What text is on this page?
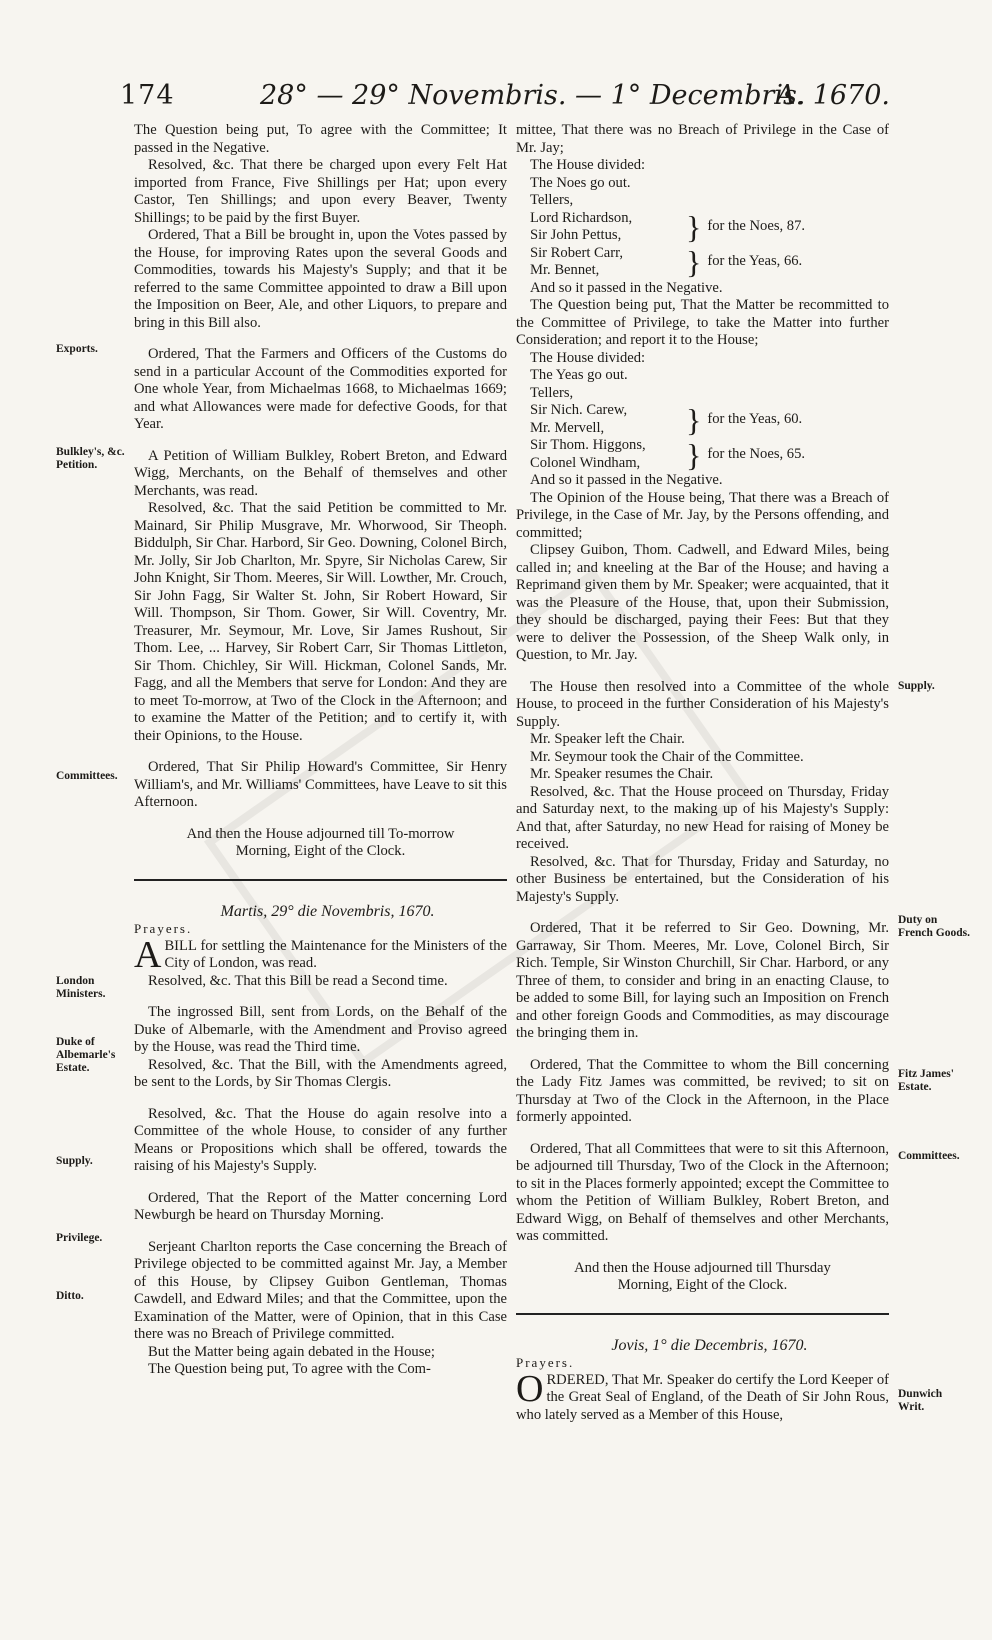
174	28° — 29° Novembris. — 1° Decembris.
A. 1670.
Exports.
Bulkley's, &c. Petition.
Committees.
London Ministers.
Duke of Albemarle's Estate.
Supply.
Privilege.
Ditto.
Supply.
Duty on French Goods.
Fitz James' Estate.
Committees.
Dunwich Writ.

The Question being put, To agree with the Committee; It passed in the Negative.

Resolved, &c. That there be charged upon every Felt Hat imported from France, Five Shillings per Hat; upon every Castor, Ten Shillings; and upon every Beaver, Twenty Shillings; to be paid by the first Buyer.

Ordered, That a Bill be brought in, upon the Votes passed by the House, for improving Rates upon the several Goods and Commodities, towards his Majesty's Supply; and that it be referred to the same Committee appointed to draw a Bill upon the Imposition on Beer, Ale, and other Liquors, to prepare and bring in this Bill also.

Ordered, That the Farmers and Officers of the Customs do send in a particular Account of the Commodities exported for One whole Year, from Michaelmas 1668, to Michaelmas 1669; and what Allowances were made for defective Goods, for that Year.

A Petition of William Bulkley, Robert Breton, and Edward Wigg, Merchants, on the Behalf of themselves and other Merchants, was read.

Resolved, &c. That the said Petition be committed to Mr. Mainard, Sir Philip Musgrave, Mr. Whorwood, Sir Theoph. Biddulph, Sir Char. Harbord, Sir Geo. Downing, Colonel Birch, Mr. Jolly, Sir Job Charlton, Mr. Spyre, Sir Nicholas Carew, Sir John Knight, Sir Thom. Meeres, Sir Will. Lowther, Mr. Crouch, Sir John Fagg, Sir Walter St. John, Sir Robert Howard, Sir Will. Thompson, Sir Thom. Gower, Sir Will. Coventry, Mr. Treasurer, Mr. Seymour, Mr. Love, Sir James Rushout, Sir Thom. Lee, ... Harvey, Sir Robert Carr, Sir Thomas Littleton, Sir Thom. Chichley, Sir Will. Hickman, Colonel Sands, Mr. Fagg, and all the Members that serve for London: And they are to meet To-morrow, at Two of the Clock in the Afternoon; and to examine the Matter of the Petition; and to certify it, with their Opinions, to the House.

Ordered, That Sir Philip Howard's Committee, Sir Henry William's, and Mr. Williams' Committees, have Leave to sit this Afternoon.

And then the House adjourned till To-morrow Morning, Eight of the Clock.

Martis, 29° die Novembris, 1670.

Prayers.

ABILL for settling the Maintenance for the Ministers of the City of London, was read.

Resolved, &c. That this Bill be read a Second time.

The ingrossed Bill, sent from Lords, on the Behalf of the Duke of Albemarle, with the Amendment and Proviso agreed by the House, was read the Third time.

Resolved, &c. That the Bill, with the Amendments agreed, be sent to the Lords, by Sir Thomas Clergis.

Resolved, &c. That the House do again resolve into a Committee of the whole House, to consider of any further Means or Propositions which shall be offered, towards the raising of his Majesty's Supply.

Ordered, That the Report of the Matter concerning Lord Newburgh be heard on Thursday Morning.

Serjeant Charlton reports the Case concerning the Breach of Privilege objected to be committed against Mr. Jay, a Member of this House, by Clipsey Guibon Gentleman, Thomas Cawdell, and Edward Miles; and that the Committee, upon the Examination of the Matter, were of Opinion, that in this Case there was no Breach of Privilege committed.

But the Matter being again debated in the House;

The Question being put, To agree with the Com-

mittee, That there was no Breach of Privilege in the Case of Mr. Jay;

The House divided:

The Noes go out.

Tellers,

Lord Richardson,
Sir John Pettus,	} for the Noes, 87.
Sir Robert Carr,
Mr. Bennet,	} for the Yeas, 66.

And so it passed in the Negative.

The Question being put, That the Matter be recommitted to the Committee of Privilege, to take the Matter into further Consideration; and report it to the House;

The House divided:

The Yeas go out.

Tellers,

Sir Nich. Carew,
Mr. Mervell,	} for the Yeas, 60.
Sir Thom. Higgons,
Colonel Windham,	} for the Noes, 65.

And so it passed in the Negative.

The Opinion of the House being, That there was a Breach of Privilege, in the Case of Mr. Jay, by the Persons offending, and committed;

Clipsey Guibon, Thom. Cadwell, and Edward Miles, being called in; and kneeling at the Bar of the House; and having a Reprimand given them by Mr. Speaker; were acquainted, that it was the Pleasure of the House, that, upon their Submission, they should be discharged, paying their Fees: But that they were to deliver the Possession, of the Sheep Walk only, in Question, to Mr. Jay.

The House then resolved into a Committee of the whole House, to proceed in the further Consideration of his Majesty's Supply.

Mr. Speaker left the Chair.

Mr. Seymour took the Chair of the Committee.

Mr. Speaker resumes the Chair.

Resolved, &c. That the House proceed on Thursday, Friday and Saturday next, to the making up of his Majesty's Supply: And that, after Saturday, no new Head for raising of Money be received.

Resolved, &c. That for Thursday, Friday and Saturday, no other Business be entertained, but the Consideration of his Majesty's Supply.

Ordered, That it be referred to Sir Geo. Downing, Mr. Garraway, Sir Thom. Meeres, Mr. Love, Colonel Birch, Sir Rich. Temple, Sir Winston Churchill, Sir Char. Harbord, or any Three of them, to consider and bring in an enacting Clause, to be added to some Bill, for laying such an Imposition on French and other foreign Goods and Commodities, as may discourage the bringing them in.

Ordered, That the Committee to whom the Bill concerning the Lady Fitz James was committed, be revived; to sit on Thursday at Two of the Clock in the Afternoon, in the Place formerly appointed.

Ordered, That all Committees that were to sit this Afternoon, be adjourned till Thursday, Two of the Clock in the Afternoon; to sit in the Places formerly appointed; except the Committee to whom the Petition of William Bulkley, Robert Breton, and Edward Wigg, on Behalf of themselves and other Merchants, was committed.

And then the House adjourned till Thursday Morning, Eight of the Clock.

Jovis, 1° die Decembris, 1670.

Prayers.

ORDERED, That Mr. Speaker do certify the Lord Keeper of the Great Seal of England, of the Death of Sir John Rous, who lately served as a Member of this House,
